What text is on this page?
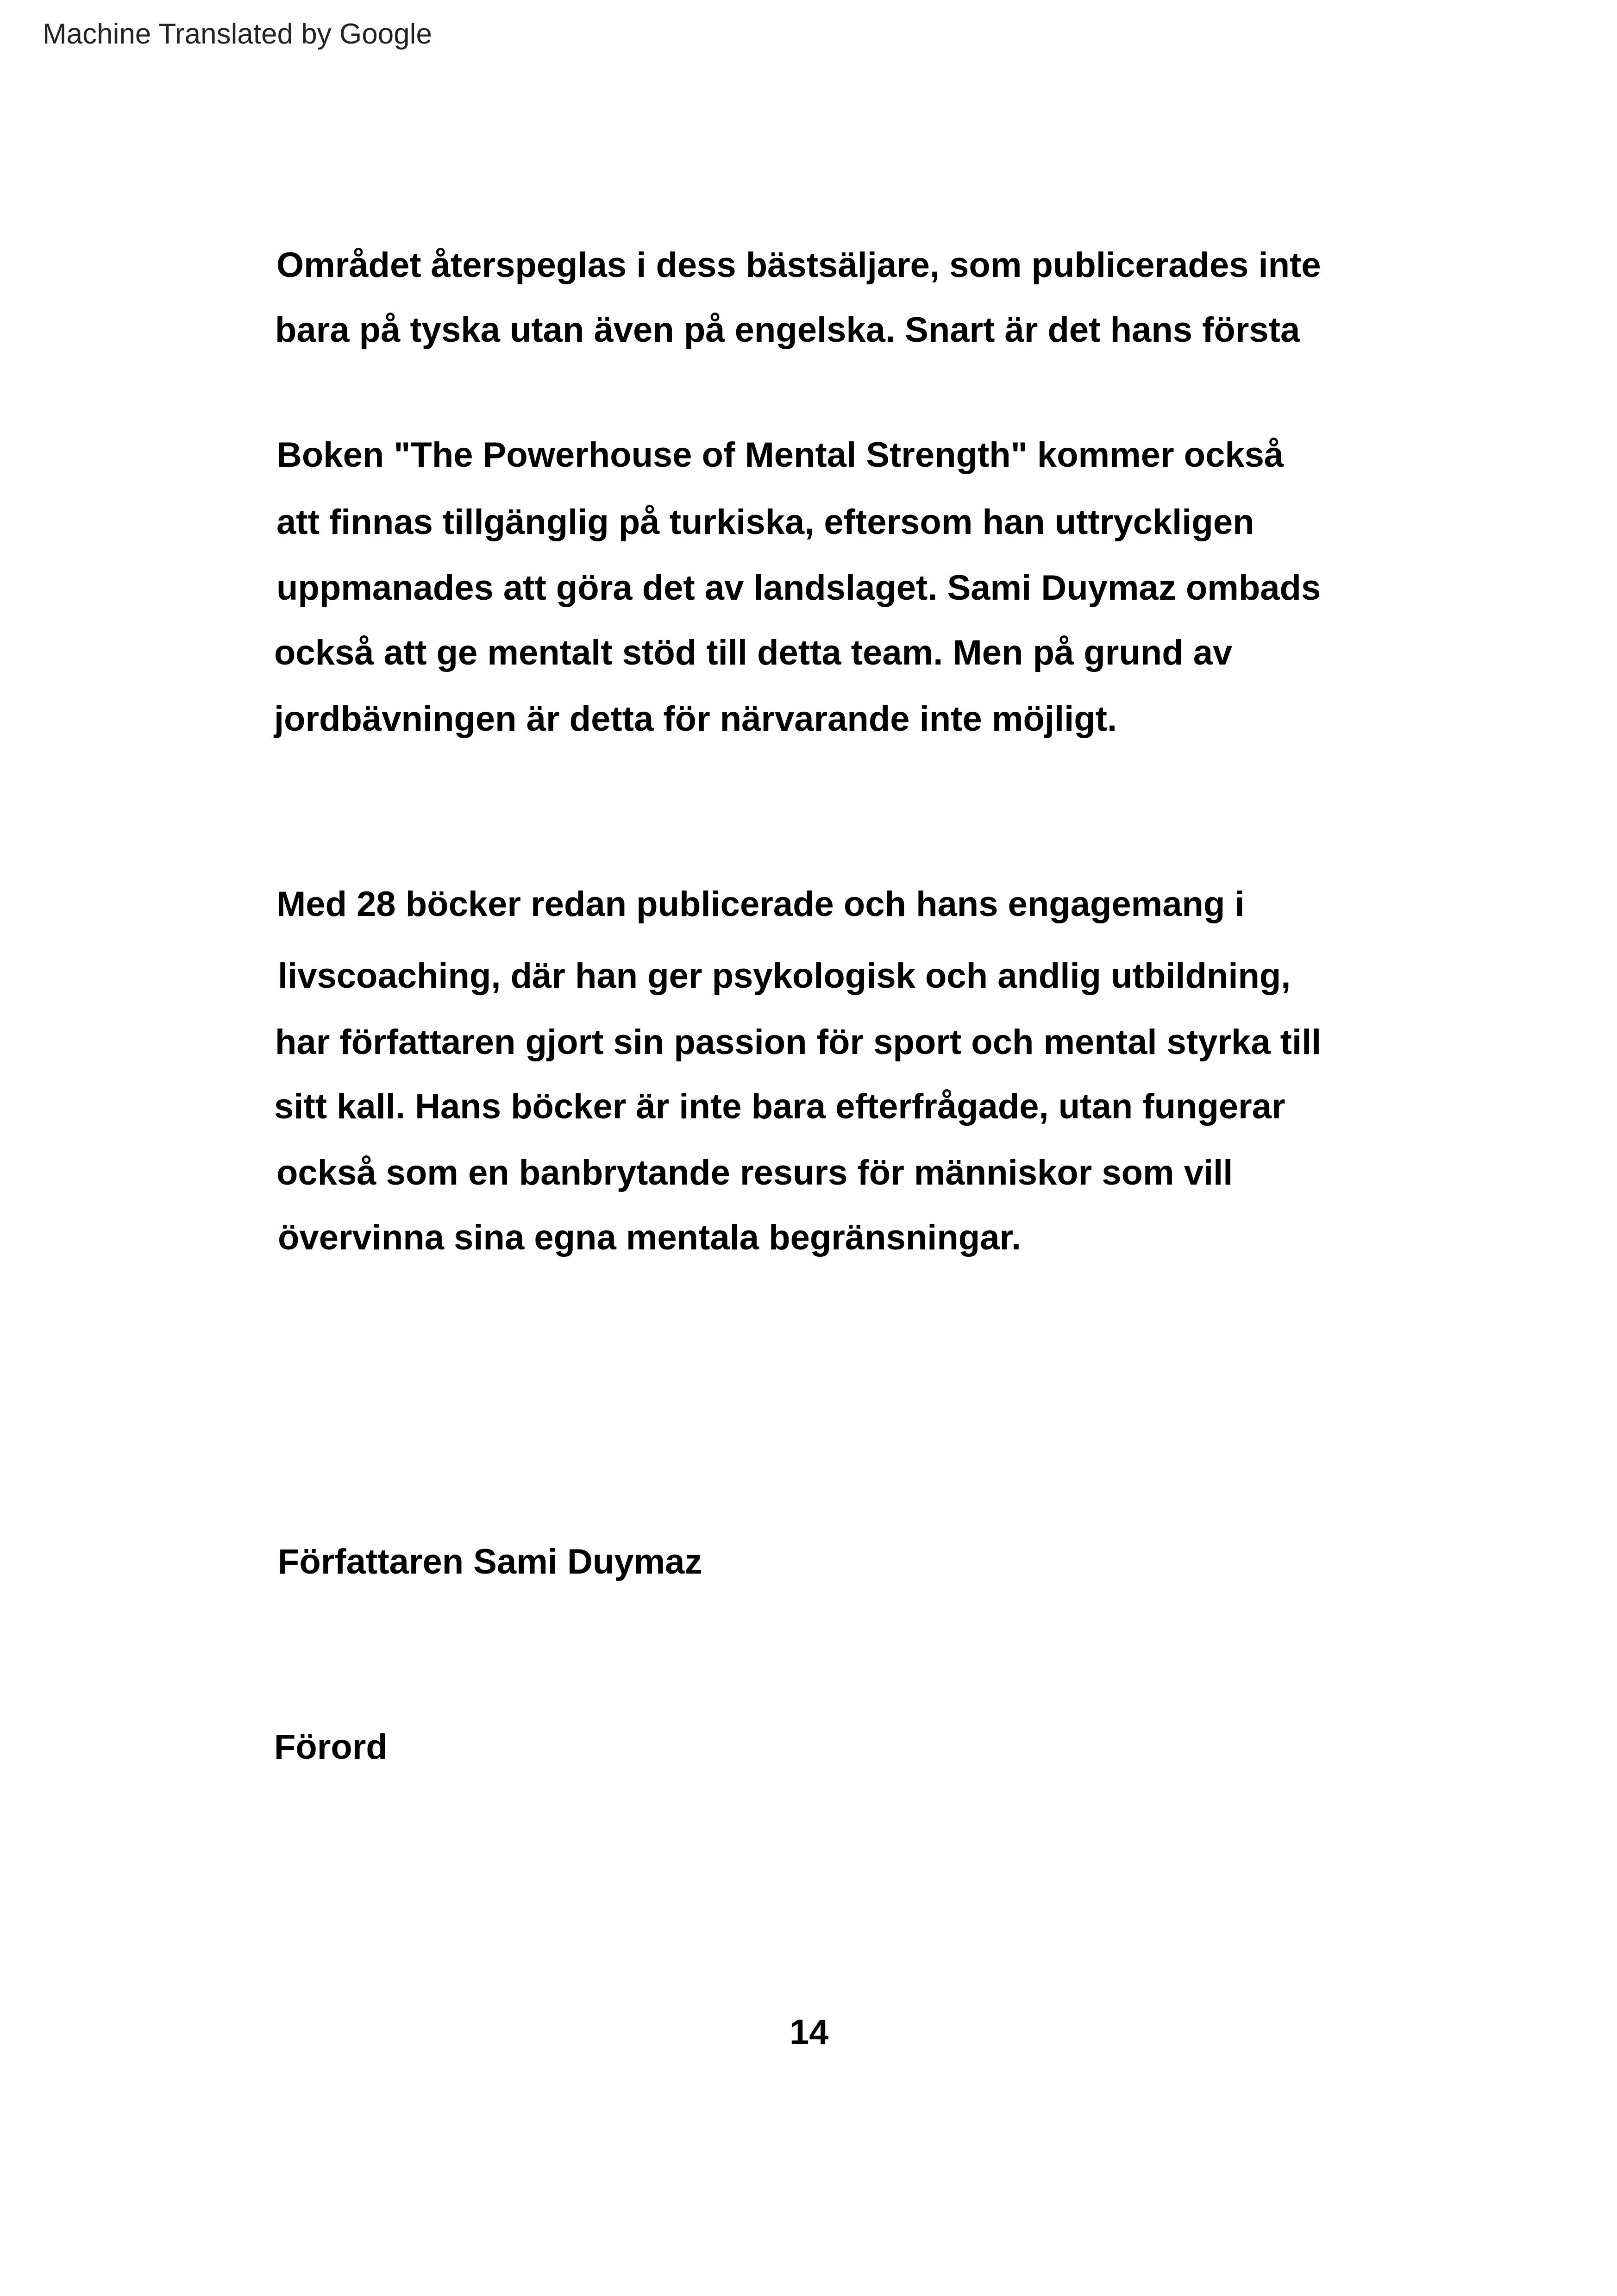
Machine Translated by Google
Området återspeglas i dess bästsäljare, som publicerades inte
bara på tyska utan även på engelska. Snart är det hans första
Boken "The Powerhouse of Mental Strength" kommer också
att finnas tillgänglig på turkiska, eftersom han uttryckligen
uppmanades att göra det av landslaget. Sami Duymaz ombads
också att ge mentalt stöd till detta team. Men på grund av
jordbävningen är detta för närvarande inte möjligt.
Med 28 böcker redan publicerade och hans engagemang i
livscoaching, där han ger psykologisk och andlig utbildning,
har författaren gjort sin passion för sport och mental styrka till
sitt kall. Hans böcker är inte bara efterfrågade, utan fungerar
också som en banbrytande resurs för människor som vill
övervinna sina egna mentala begränsningar.
Författaren Sami Duymaz
Förord
14
